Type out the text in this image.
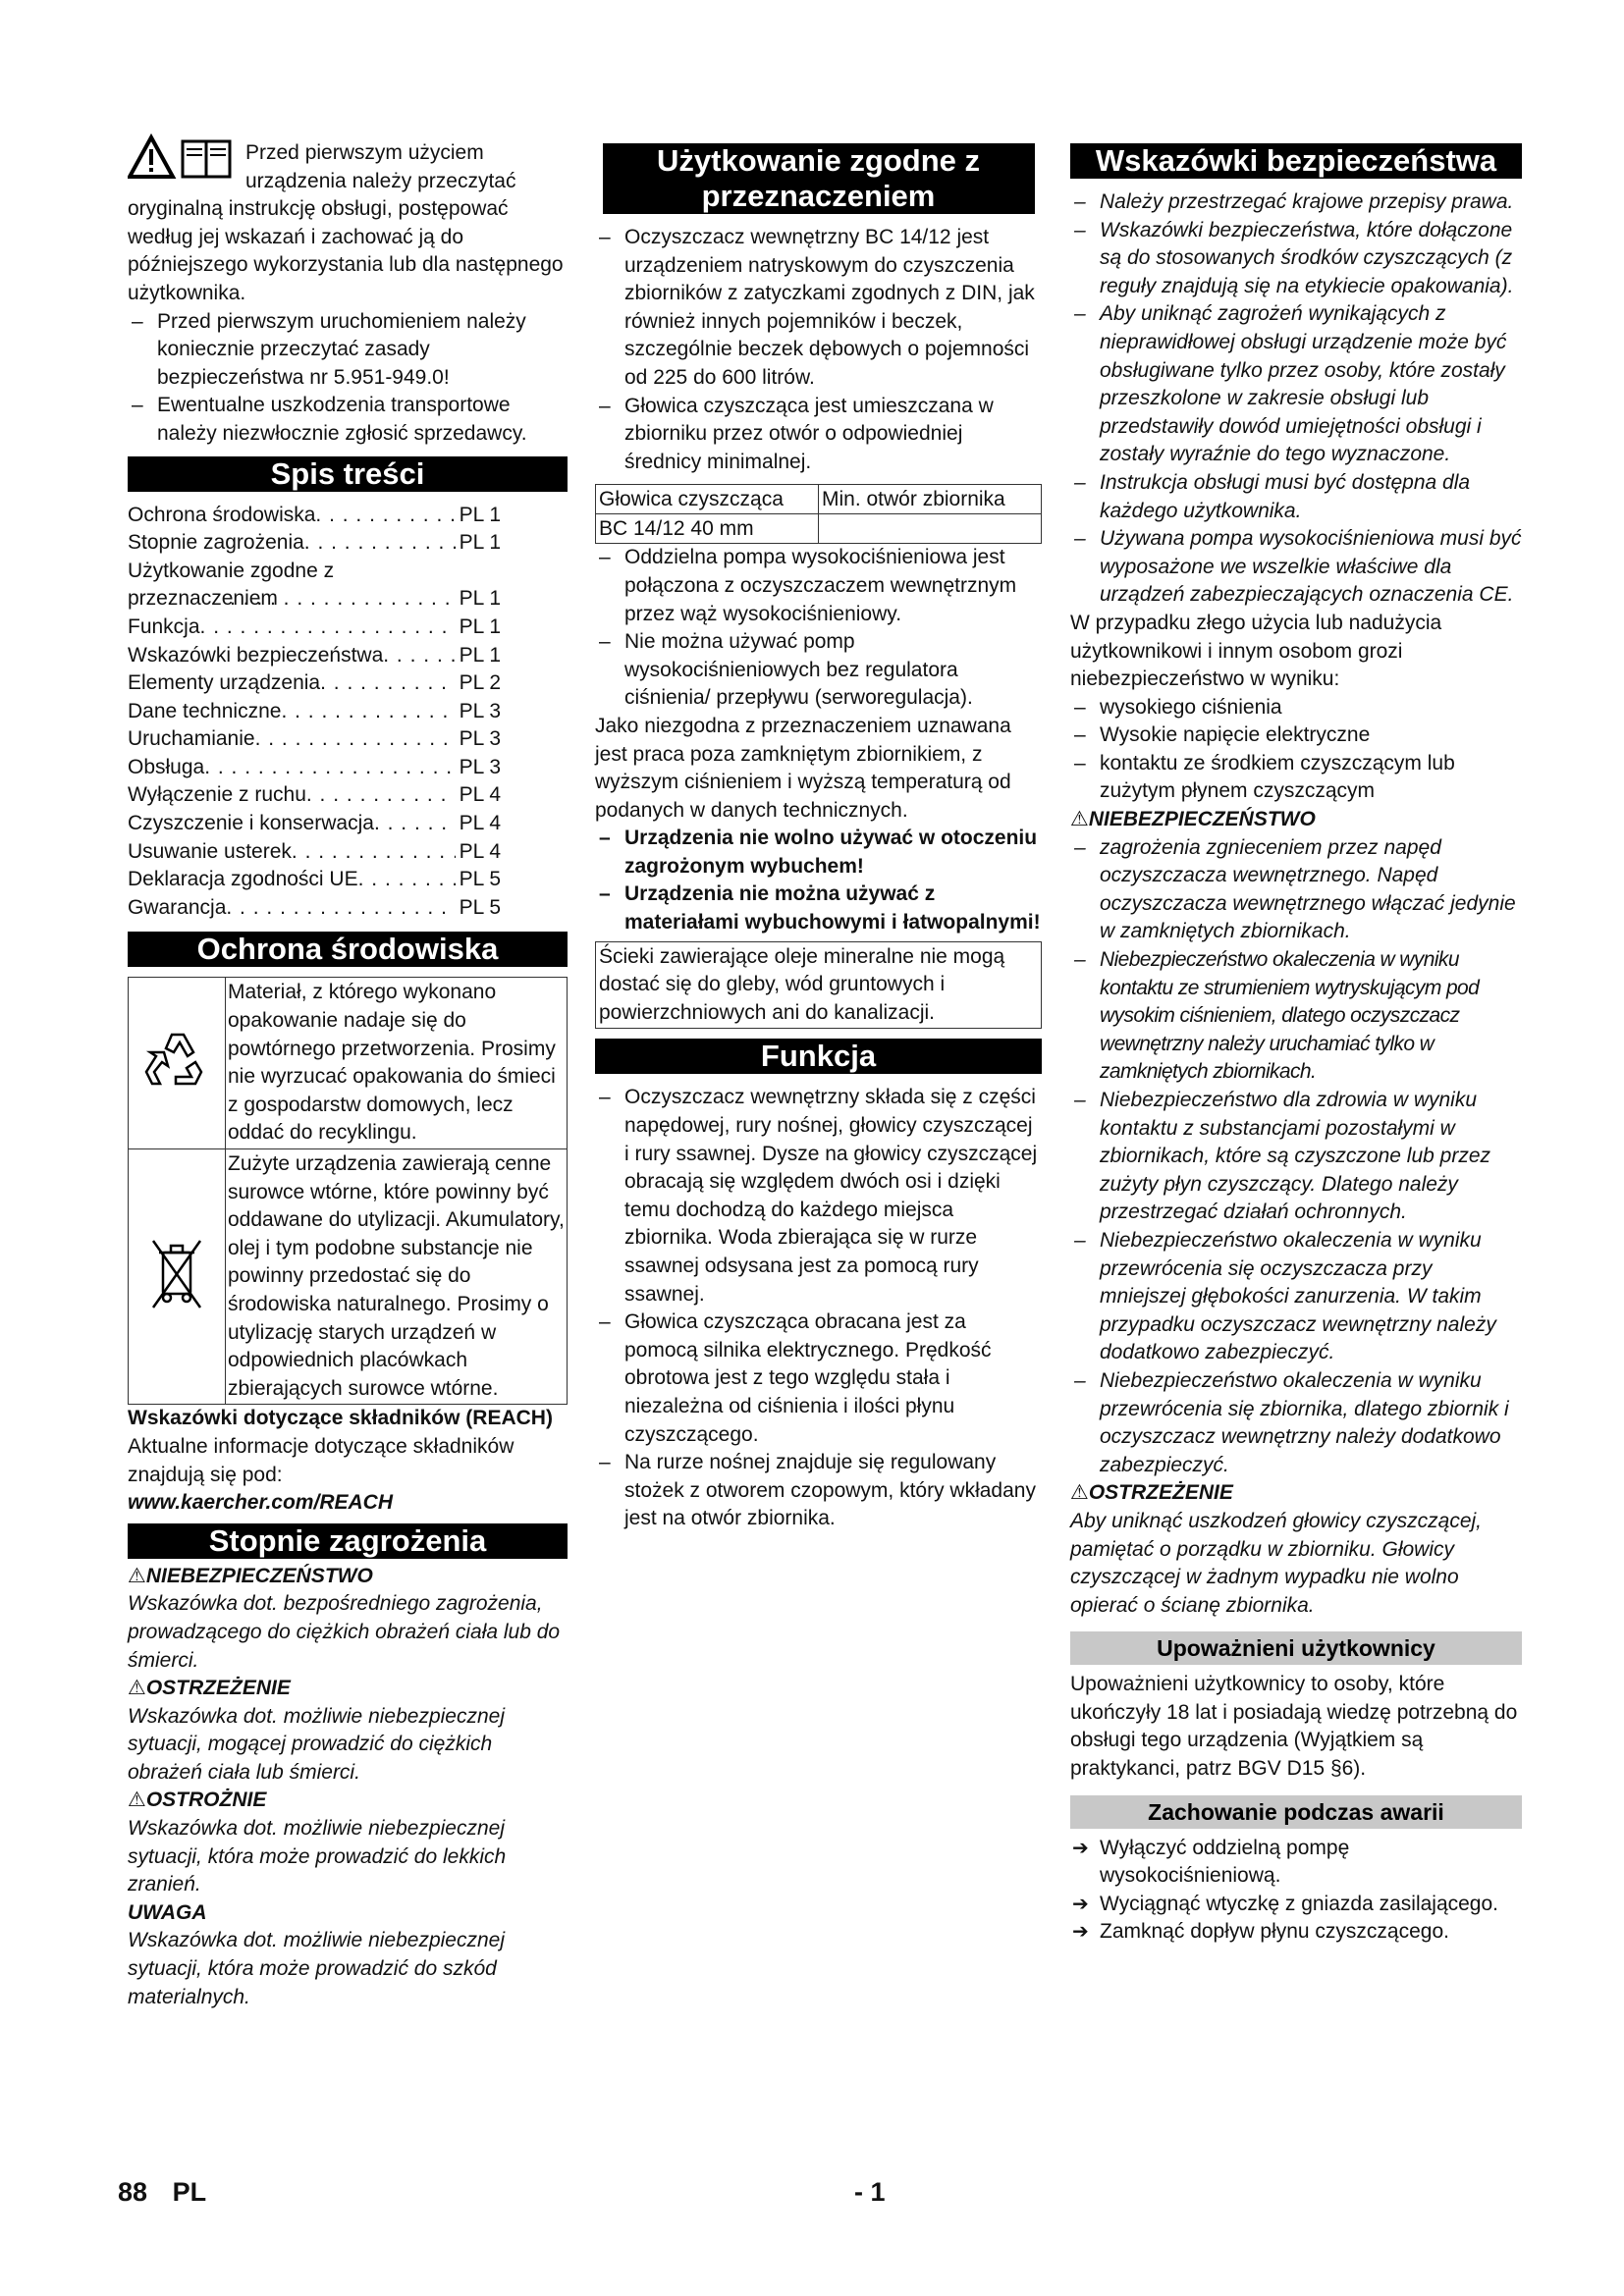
Przed pierwszym użyciem urządzenia należy przeczytać oryginalną instrukcję obsługi, postępować według jej wskazań i zachować ją do późniejszego wykorzystania lub dla następnego użytkownika.

– Przed pierwszym uruchomieniem należy koniecznie przeczytać zasady bezpieczeństwa nr 5.951-949.0!
– Ewentualne uszkodzenia transportowe należy niezwłocznie zgłosić sprzedawcy.
Spis treści
Ochrona środowiska . . .	PL 1
Stopnie zagrożenia . . .	PL 1
Użytkowanie zgodne z przeznaczeniem . . .	PL 1
Funkcja . . .	PL 1
Wskazówki bezpieczeństwa . . .	PL 1
Elementy urządzenia . . .	PL 2
Dane techniczne . . .	PL 3
Uruchamianie . . .	PL 3
Obsługa . . .	PL 3
Wyłączenie z ruchu . . .	PL 4
Czyszczenie i konserwacja . . .	PL 4
Usuwanie usterek . . .	PL 4
Deklaracja zgodności UE . . .	PL 5
Gwarancja . . .	PL 5
Ochrona środowiska
	Materiał, z którego wykonano opakowanie nadaje się do powtórnego przetworzenia. Prosimy nie wyrzucać opakowania do śmieci z gospodarstw domowych, lecz oddać do recyklingu.
	Zużyte urządzenia zawierają cenne surowce wtórne, które powinny być oddawane do utylizacji. Akumulatory, olej i tym podobne substancje nie powinny przedostać się do środowiska naturalnego. Prosimy o utylizację starych urządzeń w odpowiednich placówkach zbierających surowce wtórne.

Wskazówki dotyczące składników (REACH)

Aktualne informacje dotyczące składników znajdują się pod:

www.kaercher.com/REACH

Stopnie zagrożenia

⚠NIEBEZPIECZEŃSTWO

Wskazówka dot. bezpośredniego zagrożenia, prowadzącego do ciężkich obrażeń ciała lub do śmierci.

⚠OSTRZEŻENIE

Wskazówka dot. możliwie niebezpiecznej sytuacji, mogącej prowadzić do ciężkich obrażeń ciała lub śmierci.

⚠OSTROŻNIE

Wskazówka dot. możliwie niebezpiecznej sytuacji, która może prowadzić do lekkich zranień.

UWAGA

Wskazówka dot. możliwie niebezpiecznej sytuacji, która może prowadzić do szkód materialnych.

Użytkowanie zgodne z przeznaczeniem
– Oczyszczacz wewnętrzny BC 14/12 jest urządzeniem natryskowym do czyszczenia zbiorników z zatyczkami zgodnych z DIN, jak również innych pojemników i beczek, szczególnie beczek dębowych o pojemności od 225 do 600 litrów.
– Głowica czyszcząca jest umieszczana w zbiorniku przez otwór o odpowiedniej średnicy minimalnej.
Głowica czyszcząca	Min. otwór zbiornika
BC 14/12 40 mm	
– Oddzielna pompa wysokociśnieniowa jest połączona z oczyszczaczem wewnętrznym przez wąż wysokociśnieniowy.
– Nie można używać pomp wysokociśnieniowych bez regulatora ciśnienia/ przepływu (serworegulacja).

Jako niezgodna z przeznaczeniem uznawana jest praca poza zamkniętym zbiornikiem, z wyższym ciśnieniem i wyższą temperaturą od podanych w danych technicznych.

– Urządzenia nie wolno używać w otoczeniu zagrożonym wybuchem!
– Urządzenia nie można używać z materiałami wybuchowymi i łatwopalnymi!
Ścieki zawierające oleje mineralne nie mogą dostać się do gleby, wód gruntowych i powierzchniowych ani do kanalizacji.
Funkcja
– Oczyszczacz wewnętrzny składa się z części napędowej, rury nośnej, głowicy czyszczącej i rury ssawnej. Dysze na głowicy czyszczącej obracają się względem dwóch osi i dzięki temu dochodzą do każdego miejsca zbiornika. Woda zbierająca się w rurze ssawnej odsysana jest za pomocą rury ssawnej.
– Głowica czyszcząca obracana jest za pomocą silnika elektrycznego. Prędkość obrotowa jest z tego względu stała i niezależna od ciśnienia i ilości płynu czyszczącego.
– Na rurze nośnej znajduje się regulowany stożek z otworem czopowym, który wkładany jest na otwór zbiornika.
Wskazówki bezpieczeństwa
– Należy przestrzegać krajowe przepisy prawa.
– Wskazówki bezpieczeństwa, które dołączone są do stosowanych środków czyszczących (z reguły znajdują się na etykiecie opakowania).
– Aby uniknąć zagrożeń wynikających z nieprawidłowej obsługi urządzenie może być obsługiwane tylko przez osoby, które zostały przeszkolone w zakresie obsługi lub przedstawiły dowód umiejętności obsługi i zostały wyraźnie do tego wyznaczone.
– Instrukcja obsługi musi być dostępna dla każdego użytkownika.
– Używana pompa wysokociśnieniowa musi być wyposażone we wszelkie właściwe dla urządzeń zabezpieczających oznaczenia CE.

W przypadku złego użycia lub nadużycia użytkownikowi i innym osobom grozi niebezpieczeństwo w wyniku:

– wysokiego ciśnienia
– Wysokie napięcie elektryczne
– kontaktu ze środkiem czyszczącym lub zużytym płynem czyszczącym

⚠NIEBEZPIECZEŃSTWO

– zagrożenia zgnieceniem przez napęd oczyszczacza wewnętrznego. Napęd oczyszczacza wewnętrznego włączać jedynie w zamkniętych zbiornikach.
– Niebezpieczeństwo okaleczenia w wyniku kontaktu ze strumieniem wytryskującym pod wysokim ciśnieniem, dlatego oczyszczacz wewnętrzny należy uruchamiać tylko w zamkniętych zbiornikach.
– Niebezpieczeństwo dla zdrowia w wyniku kontaktu z substancjami pozostałymi w zbiornikach, które są czyszczone lub przez zużyty płyn czyszczący. Dlatego należy przestrzegać działań ochronnych.
– Niebezpieczeństwo okaleczenia w wyniku przewrócenia się oczyszczacza przy mniejszej głębokości zanurzenia. W takim przypadku oczyszczacz wewnętrzny należy dodatkowo zabezpieczyć.
– Niebezpieczeństwo okaleczenia w wyniku przewrócenia się zbiornika, dlatego zbiornik i oczyszczacz wewnętrzny należy dodatkowo zabezpieczyć.

⚠OSTRZEŻENIE

Aby uniknąć uszkodzeń głowicy czyszczącej, pamiętać o porządku w zbiorniku. Głowicy czyszczącej w żadnym wypadku nie wolno opierać o ścianę zbiornika.

Upoważnieni użytkownicy

Upoważnieni użytkownicy to osoby, które ukończyły 18 lat i posiadają wiedzę potrzebną do obsługi tego urządzenia (Wyjątkiem są praktykanci, patrz BGV D15 §6).

Zachowanie podczas awarii
➔ Wyłączyć oddzielną pompę wysokociśnieniową.
➔ Wyciągnąć wtyczkę z gniazda zasilającego.
➔ Zamknąć dopływ płynu czyszczącego.
88 PL	- 1
